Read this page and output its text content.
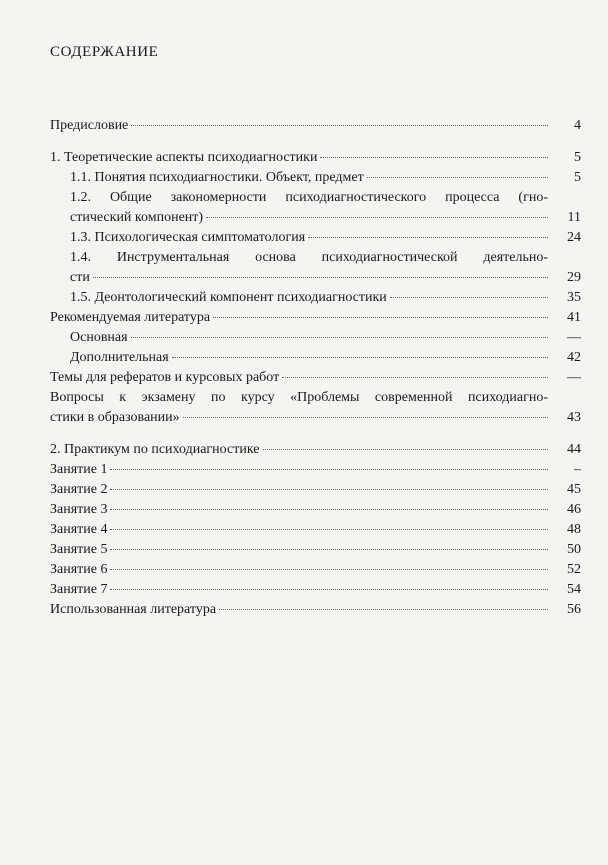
СОДЕРЖАНИЕ
Предисловие	4
1. Теоретические аспекты психодиагностики	5
1.1. Понятия психодиагностики. Объект, предмет	5
1.2. Общие закономерности психодиагностического процесса (гно-
стический компонент)	11
1.3. Психологическая симптоматология	24
1.4. Инструментальная основа психодиагностической деятельно-
сти	29
1.5. Деонтологический компонент психодиагностики	35
Рекомендуемая литература	41
Основная	—
Дополнительная	42
Темы для рефератов и курсовых работ	—
Вопросы к экзамену по курсу «Проблемы современной психодиагно-
стики в образовании»	43
2. Практикум по психодиагностике	44
Занятие 1	–
Занятие 2	45
Занятие 3	46
Занятие 4	48
Занятие 5	50
Занятие 6	52
Занятие 7	54
Использованная литература	56
